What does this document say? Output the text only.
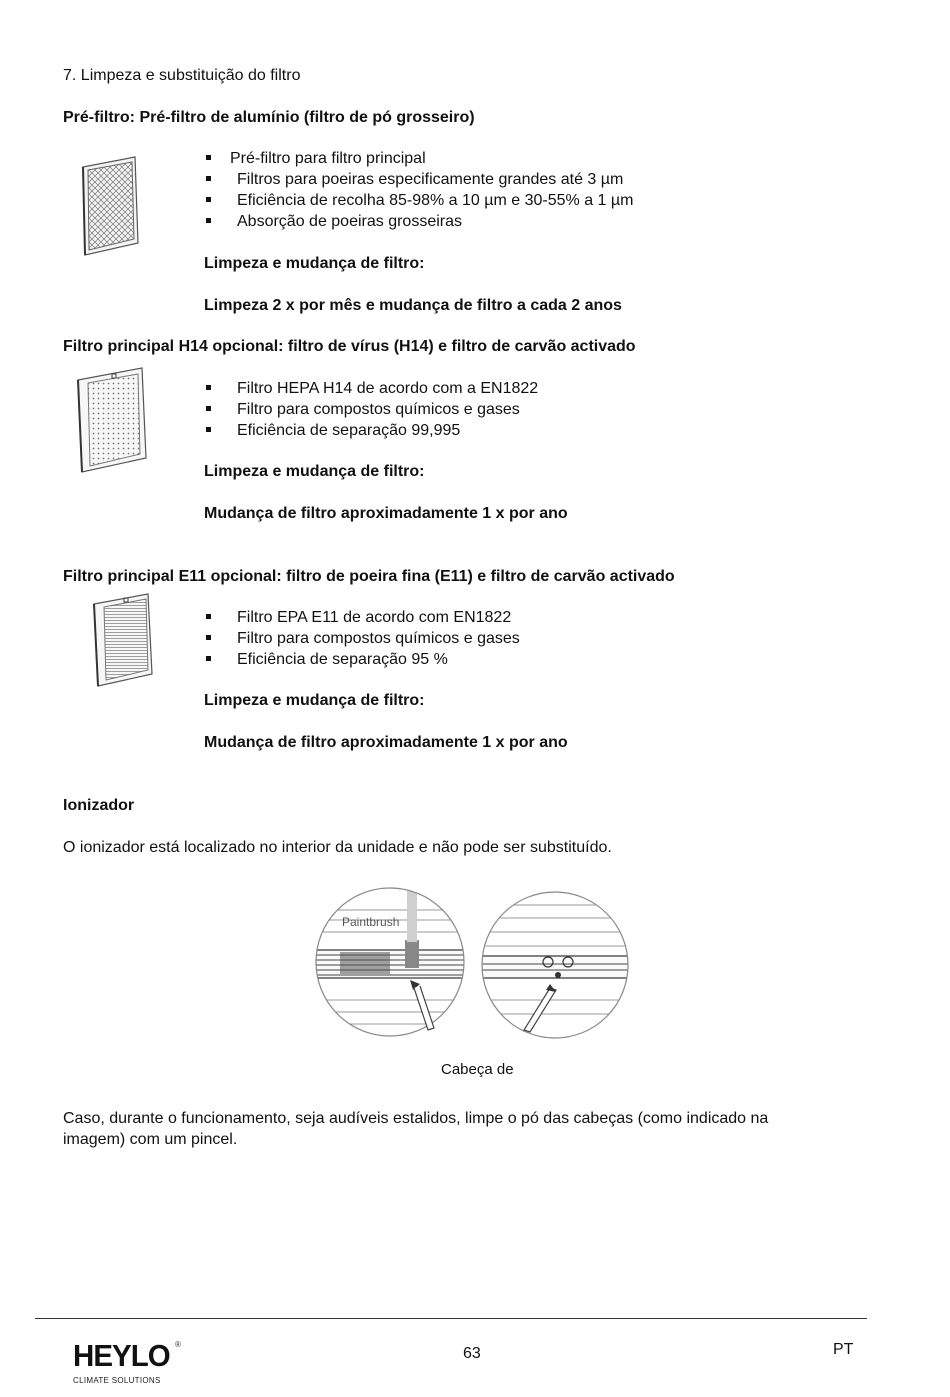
7. Limpeza e substituição do filtro
Pré-filtro: Pré-filtro de alumínio (filtro de pó grosseiro)
Pré-filtro para filtro principal
Filtros para poeiras especificamente grandes até 3 µm
Eficiência de recolha 85-98% a 10 µm e 30-55% a 1 µm
Absorção de poeiras grosseiras
Limpeza e mudança de filtro:
Limpeza 2 x por mês e mudança de filtro a cada 2 anos
Filtro principal H14 opcional: filtro de vírus (H14) e filtro de carvão activado
Filtro HEPA H14 de acordo com a EN1822
Filtro para compostos químicos e gases
Eficiência de separação 99,995
Limpeza e mudança de filtro:
Mudança de filtro aproximadamente 1 x por ano
Filtro principal E11 opcional: filtro de poeira fina (E11) e filtro de carvão activado
Filtro EPA E11 de acordo com EN1822
Filtro para compostos químicos e gases
Eficiência de separação 95 %
Limpeza e mudança de filtro:
Mudança de filtro aproximadamente 1 x por ano
Ionizador
O ionizador está localizado no interior da unidade e não pode ser substituído.
Paintbrush
Cabeça de
Caso, durante o funcionamento, seja audíveis estalidos, limpe o pó das cabeças (como indicado na
imagem) com um pincel.
HEYLO
CLIMATE SOLUTIONS
®
63	PT
